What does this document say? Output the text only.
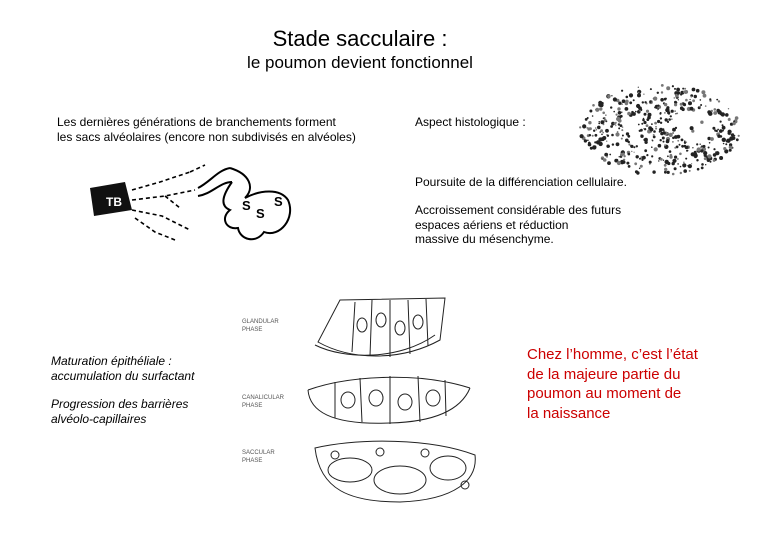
Stade sacculaire :
le poumon devient fonctionnel
Les dernières générations de branchements forment
les sacs alvéolaires (encore non subdivisés en alvéoles)
Aspect histologique :
Poursuite de la différenciation cellulaire.
Accroissement considérable des futurs
espaces aériens et réduction
massive du mésenchyme.
TB	S
S
S
Maturation épithéliale :
accumulation du surfactant
Progression des barrières
alvéolo-capillaires
GLANDULAR
PHASE
CANALICULAR
PHASE
SACCULAR
PHASE
Chez l’homme, c’est l’état
de la majeure partie du
poumon au moment de
la naissance
